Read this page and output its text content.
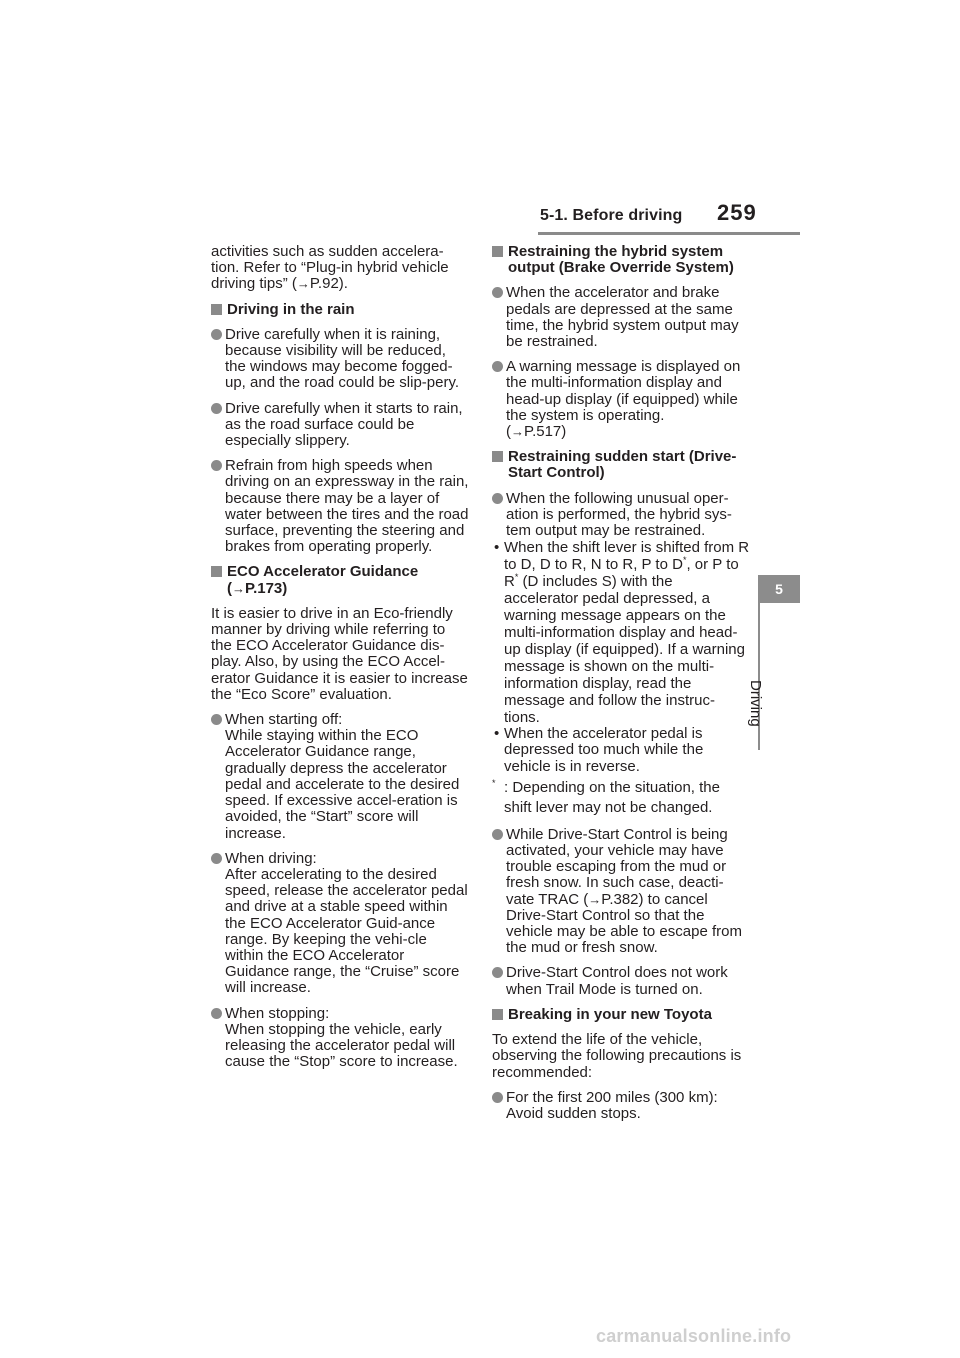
5-1. Before driving 259
5
Driving

activities such as sudden accelera-tion. Refer to “Plug-in hybrid vehicle driving tips” (→P.92).

Driving in the rain
Drive carefully when it is raining, because visibility will be reduced, the windows may become fogged-up, and the road could be slip-pery.
Drive carefully when it starts to rain, as the road surface could be especially slippery.
Refrain from high speeds when driving on an expressway in the rain, because there may be a layer of water between the tires and the road surface, preventing the steering and brakes from operating properly.
ECO Accelerator Guidance
(→P.173)

It is easier to drive in an Eco-friendly manner by driving while referring to the ECO Accelerator Guidance dis-play. Also, by using the ECO Accel-erator Guidance it is easier to increase the “Eco Score” evaluation.

When starting off:
While staying within the ECO Accelerator Guidance range, gradually depress the accelerator pedal and accelerate to the desired speed. If excessive accel-eration is avoided, the “Start” score will increase.
When driving:
After accelerating to the desired speed, release the accelerator pedal and drive at a stable speed within the ECO Accelerator Guid-ance range. By keeping the vehi-cle within the ECO Accelerator Guidance range, the “Cruise” score will increase.
When stopping:
When stopping the vehicle, early releasing the accelerator pedal will cause the “Stop” score to increase.
Restraining the hybrid system output (Brake Override System)
When the accelerator and brake pedals are depressed at the same time, the hybrid system output may be restrained.
A warning message is displayed on the multi-information display and head-up display (if equipped) while the system is operating.
(→P.517)
Restraining sudden start (Drive-Start Control)
When the following unusual oper-ation is performed, the hybrid sys-tem output may be restrained.
• When the shift lever is shifted from R to D, D to R, N to R, P to D*, or P to R* (D includes S) with the accelerator pedal depressed, a warning message appears on the multi-information display and head-up display (if equipped). If a warning message is shown on the multi-information display, read the message and follow the instruc-tions.
• When the accelerator pedal is depressed too much while the vehicle is in reverse.
* : Depending on the situation, the shift lever may not be changed.
While Drive-Start Control is being activated, your vehicle may have trouble escaping from the mud or fresh snow. In such case, deacti-vate TRAC (→P.382) to cancel Drive-Start Control so that the vehicle may be able to escape from the mud or fresh snow.
Drive-Start Control does not work when Trail Mode is turned on.
Breaking in your new Toyota

To extend the life of the vehicle, observing the following precautions is recommended:

For the first 200 miles (300 km): Avoid sudden stops.
carmanualsonline.info
